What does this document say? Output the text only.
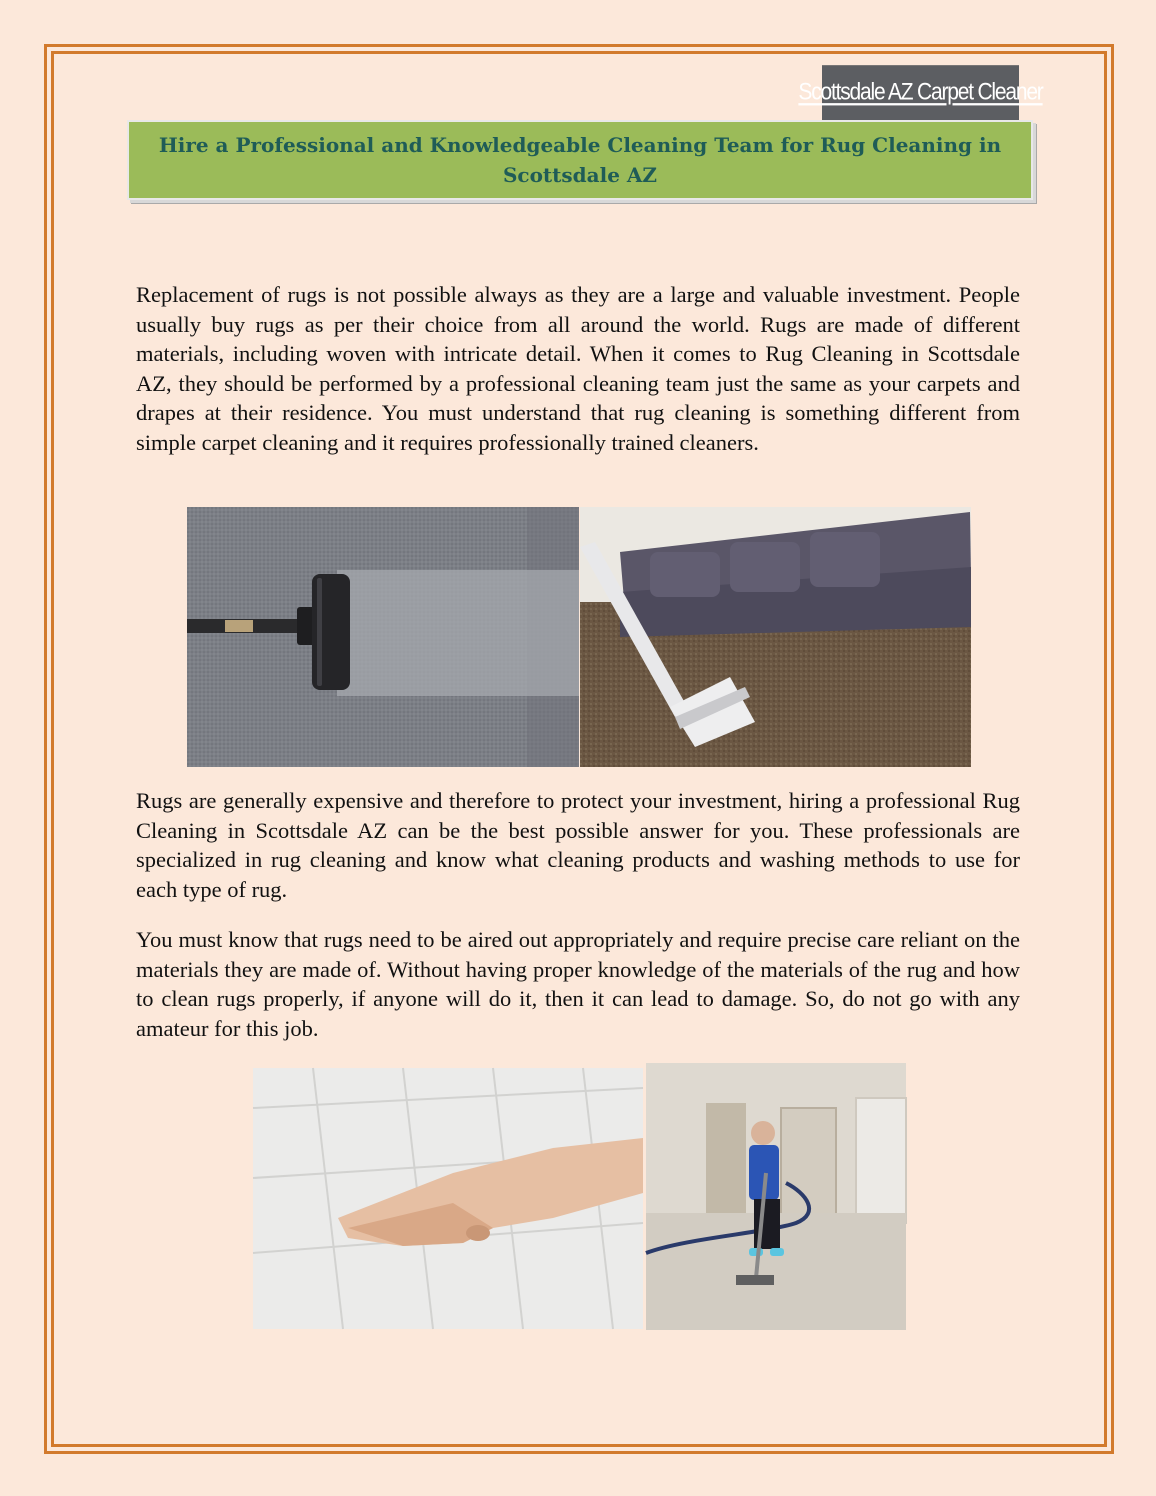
Scottsdale AZ Carpet Cleaner
Hire a Professional and Knowledgeable Cleaning Team for Rug Cleaning in Scottsdale AZ

Replacement of rugs is not possible always as they are a large and valuable investment. People usually buy rugs as per their choice from all around the world. Rugs are made of different materials, including woven with intricate detail. When it comes to Rug Cleaning in Scottsdale AZ, they should be performed by a professional cleaning team just the same as your carpets and drapes at their residence. You must understand that rug cleaning is something different from simple carpet cleaning and it requires professionally trained cleaners.

Rugs are generally expensive and therefore to protect your investment, hiring a professional Rug Cleaning in Scottsdale AZ can be the best possible answer for you. These professionals are specialized in rug cleaning and know what cleaning products and washing methods to use for each type of rug.

You must know that rugs need to be aired out appropriately and require precise care reliant on the materials they are made of. Without having proper knowledge of the materials of the rug and how to clean rugs properly, if anyone will do it, then it can lead to damage. So, do not go with any amateur for this job.
